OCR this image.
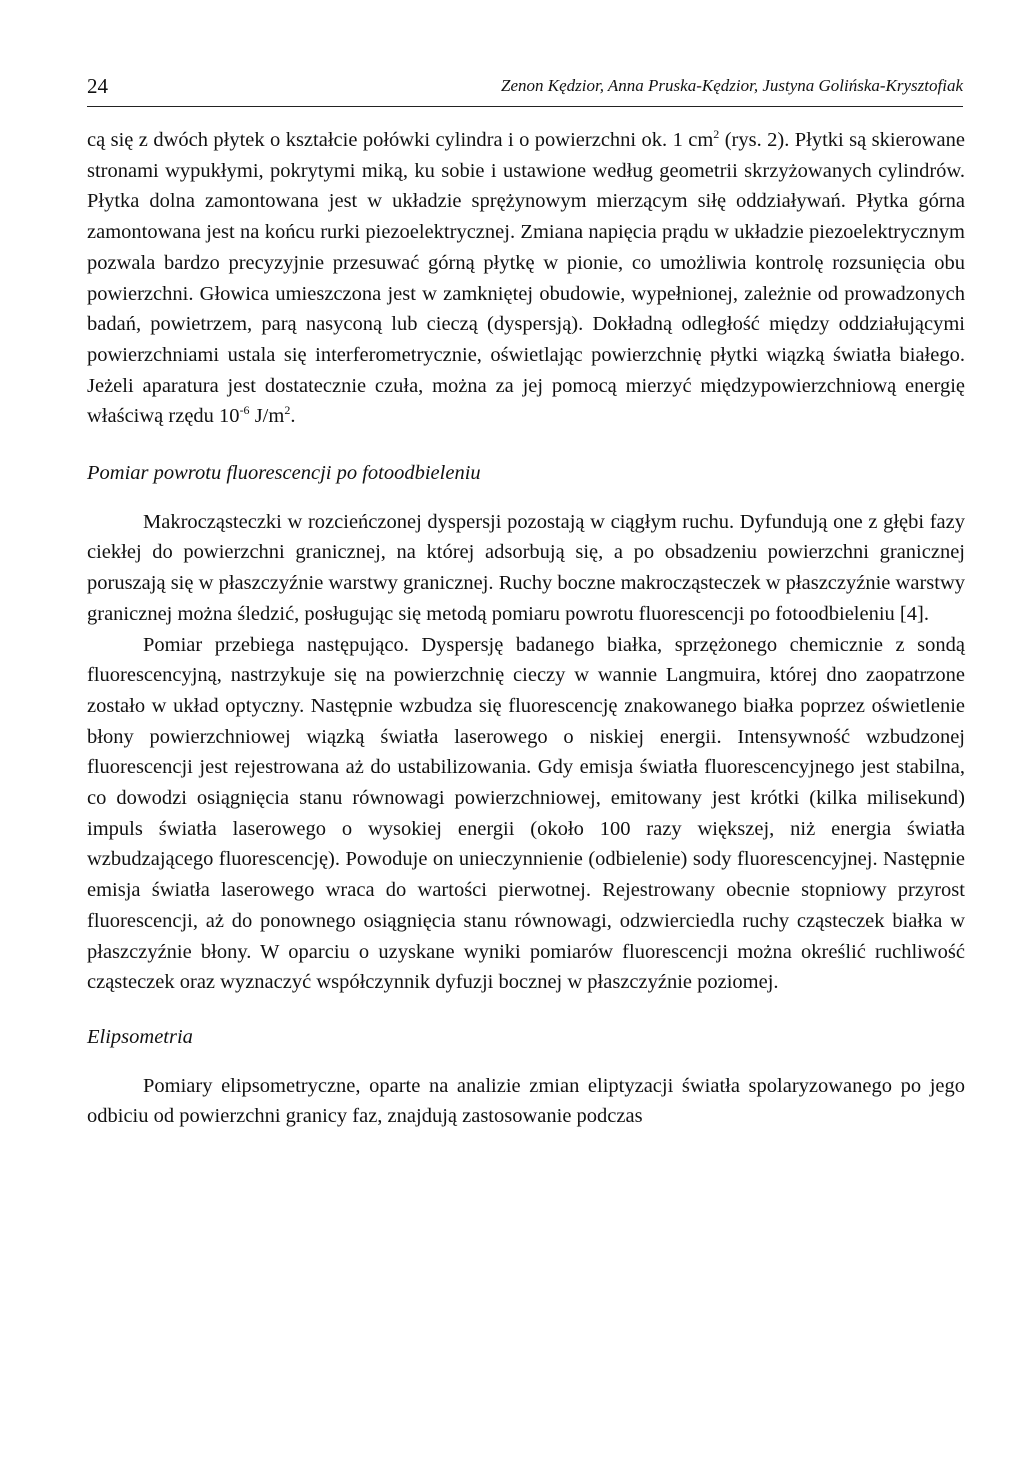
24	Zenon Kędzior, Anna Pruska-Kędzior, Justyna Golińska-Krysztofiak

cą się z dwóch płytek o kształcie połówki cylindra i o powierzchni ok. 1 $cm^2$ (rys. 2). Płytki są skierowane stronami wypukłymi, pokrytymi miką, ku sobie i ustawione według geometrii skrzyżowanych cylindrów. Płytka dolna zamontowana jest w układzie sprężynowym mierzącym siłę oddziaływań. Płytka górna zamontowana jest na końcu rurki piezoelektrycznej. Zmiana napięcia prądu w układzie piezoelektrycznym pozwala bardzo precyzyjnie przesuwać górną płytkę w pionie, co umożliwia kontrolę rozsunięcia obu powierzchni. Głowica umieszczona jest w zamkniętej obudowie, wypełnionej, zależnie od prowadzonych badań, powietrzem, parą nasyconą lub cieczą (dyspersją). Dokładną odległość między oddziałującymi powierzchniami ustala się interferometrycznie, oświetlając powierzchnię płytki wiązką światła białego. Jeżeli aparatura jest dostatecznie czuła, można za jej pomocą mierzyć międzypowierzchniową energię właściwą rzędu $10^{-6}$ $J/m^2$.

Pomiar powrotu fluorescencji po fotoodbieleniu

Makrocząsteczki w rozcieńczonej dyspersji pozostają w ciągłym ruchu. Dyfundują one z głębi fazy ciekłej do powierzchni granicznej, na której adsorbują się, a po obsadzeniu powierzchni granicznej poruszają się w płaszczyźnie warstwy granicznej. Ruchy boczne makrocząsteczek w płaszczyźnie warstwy granicznej można śledzić, posługując się metodą pomiaru powrotu fluorescencji po fotoodbieleniu [4].

Pomiar przebiega następująco. Dyspersję badanego białka, sprzężonego chemicznie z sondą fluorescencyjną, nastrzykuje się na powierzchnię cieczy w wannie Langmuira, której dno zaopatrzone zostało w układ optyczny. Następnie wzbudza się fluorescencję znakowanego białka poprzez oświetlenie błony powierzchniowej wiązką światła laserowego o niskiej energii. Intensywność wzbudzonej fluorescencji jest rejestrowana aż do ustabilizowania. Gdy emisja światła fluorescencyjnego jest stabilna, co dowodzi osiągnięcia stanu równowagi powierzchniowej, emitowany jest krótki (kilka milisekund) impuls światła laserowego o wysokiej energii (około 100 razy większej, niż energia światła wzbudzającego fluorescencję). Powoduje on unieczynnienie (odbielenie) sody fluorescencyjnej. Następnie emisja światła laserowego wraca do wartości pierwotnej. Rejestrowany obecnie stopniowy przyrost fluorescencji, aż do ponownego osiągnięcia stanu równowagi, odzwierciedla ruchy cząsteczek białka w płaszczyźnie błony. W oparciu o uzyskane wyniki pomiarów fluorescencji można określić ruchliwość cząsteczek oraz wyznaczyć współczynnik dyfuzji bocznej w płaszczyźnie poziomej.

Elipsometria

Pomiary elipsometryczne, oparte na analizie zmian eliptyzacji światła spolaryzowanego po jego odbiciu od powierzchni granicy faz, znajdują zastosowanie podczas
